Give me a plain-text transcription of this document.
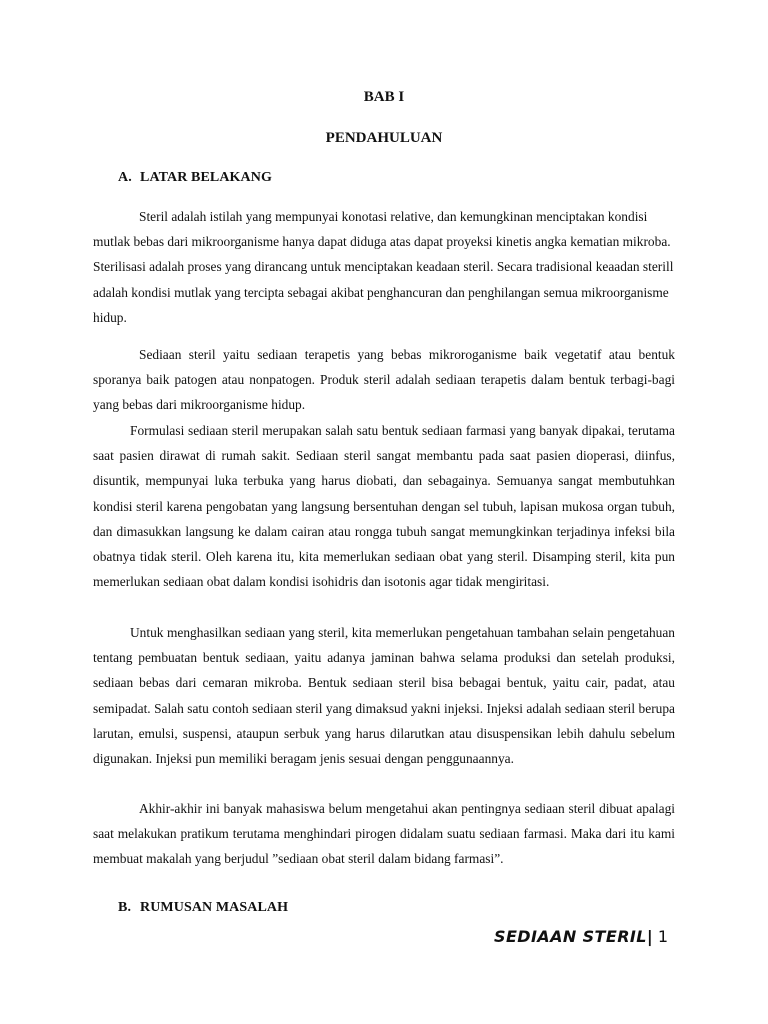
BAB I
PENDAHULUAN
A. LATAR BELAKANG

Steril adalah istilah yang mempunyai konotasi relative, dan kemungkinan menciptakan kondisi mutlak bebas dari mikroorganisme hanya dapat diduga atas dapat proyeksi kinetis angka kematian mikroba. Sterilisasi adalah proses yang dirancang untuk menciptakan keadaan steril. Secara tradisional keaadan sterill adalah kondisi mutlak yang tercipta sebagai akibat penghancuran dan penghilangan semua mikroorganisme hidup.

Sediaan steril yaitu sediaan terapetis yang bebas mikroroganisme baik vegetatif atau bentuk sporanya baik patogen atau nonpatogen. Produk steril adalah sediaan terapetis dalam bentuk terbagi-bagi yang bebas dari mikroorganisme hidup.

Formulasi sediaan steril merupakan salah satu bentuk sediaan farmasi yang banyak dipakai, terutama saat pasien dirawat di rumah sakit. Sediaan steril sangat membantu pada saat pasien dioperasi, diinfus, disuntik, mempunyai luka terbuka yang harus diobati, dan sebagainya. Semuanya sangat membutuhkan kondisi steril karena pengobatan yang langsung bersentuhan dengan sel tubuh, lapisan mukosa organ tubuh, dan dimasukkan langsung ke dalam cairan atau rongga tubuh sangat memungkinkan terjadinya infeksi bila obatnya tidak steril. Oleh karena itu, kita memerlukan sediaan obat yang steril. Disamping steril, kita pun memerlukan sediaan obat dalam kondisi isohidris dan isotonis agar tidak mengiritasi.

Untuk menghasilkan sediaan yang steril, kita memerlukan pengetahuan tambahan selain pengetahuan tentang pembuatan bentuk sediaan, yaitu adanya jaminan bahwa selama produksi dan setelah produksi, sediaan bebas dari cemaran mikroba. Bentuk sediaan steril bisa bebagai bentuk, yaitu cair, padat, atau semipadat. Salah satu contoh sediaan steril yang dimaksud yakni injeksi. Injeksi adalah sediaan steril berupa larutan, emulsi, suspensi, ataupun serbuk yang harus dilarutkan atau disuspensikan lebih dahulu sebelum digunakan. Injeksi pun memiliki beragam jenis sesuai dengan penggunaannya.

Akhir-akhir ini banyak mahasiswa belum mengetahui akan pentingnya sediaan steril dibuat apalagi saat melakukan pratikum terutama menghindari pirogen didalam suatu sediaan farmasi. Maka dari itu kami membuat makalah yang berjudul ”sediaan obat steril dalam bidang farmasi”.

B. RUMUSAN MASALAH
SEDIAAN STERIL| 1
